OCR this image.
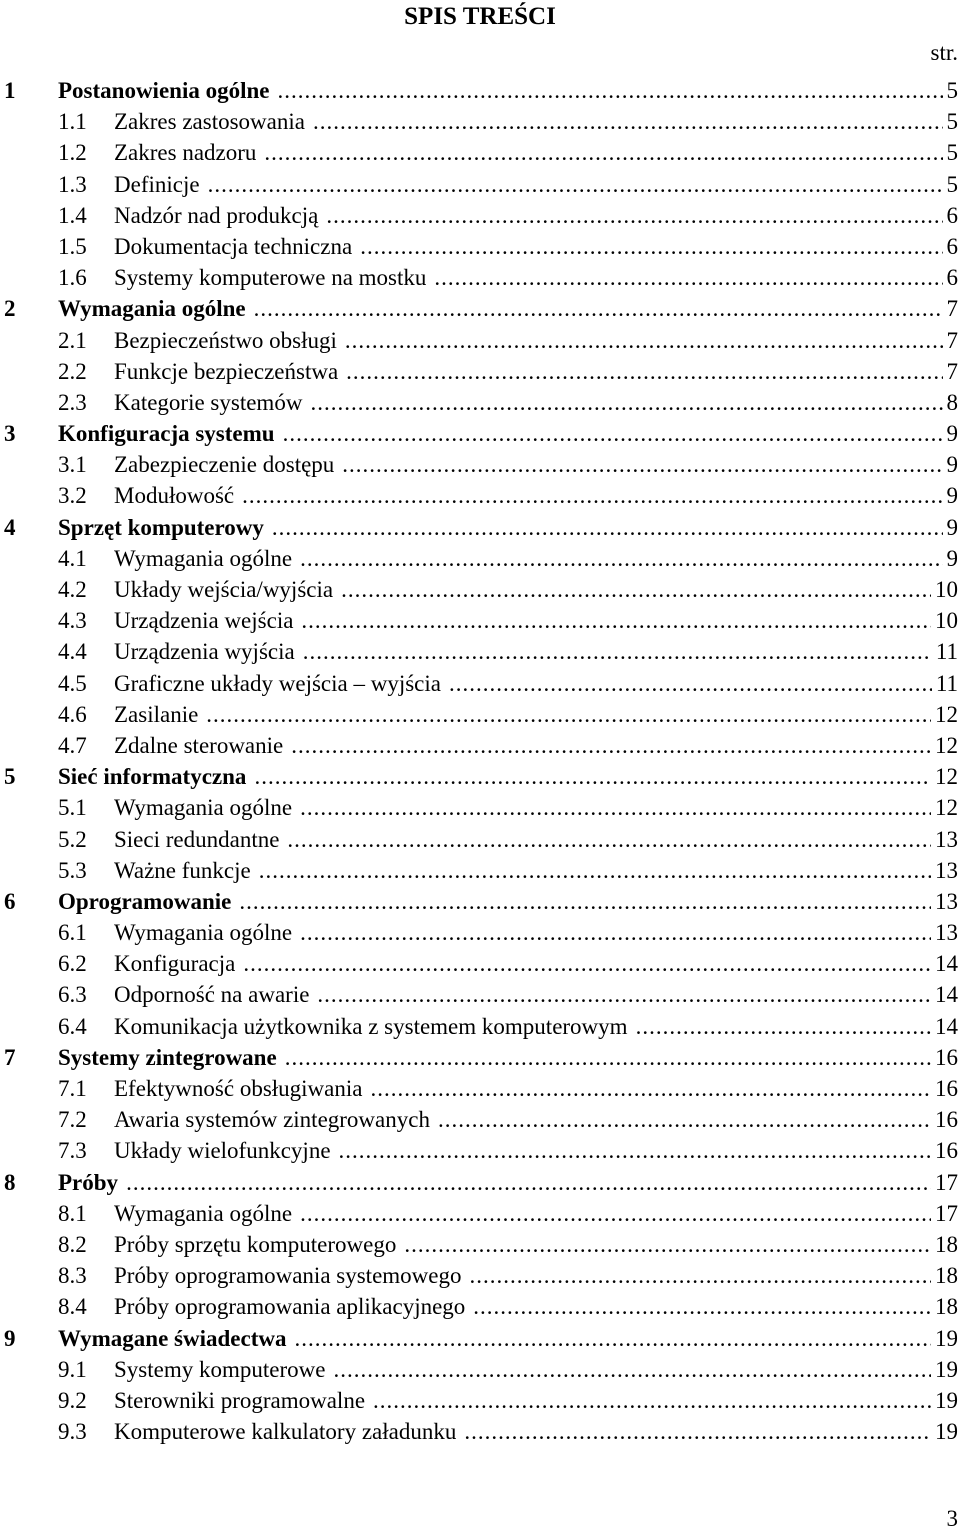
SPIS TREŚCI
str.
1	Postanowienia ogólne .....	5
1.1	Zakres zastosowania .....	5
1.2	Zakres nadzoru .....	5
1.3	Definicje .....	5
1.4	Nadzór nad produkcją .....	6
1.5	Dokumentacja techniczna .....	6
1.6	Systemy komputerowe na mostku .....	6
2	Wymagania ogólne .....	7
2.1	Bezpieczeństwo obsługi .....	7
2.2	Funkcje bezpieczeństwa .....	7
2.3	Kategorie systemów .....	8
3	Konfiguracja systemu .....	9
3.1	Zabezpieczenie dostępu .....	9
3.2	Modułowość .....	9
4	Sprzęt komputerowy .....	9
4.1	Wymagania ogólne .....	9
4.2	Układy wejścia/wyjścia .....	10
4.3	Urządzenia wejścia .....	10
4.4	Urządzenia wyjścia .....	11
4.5	Graficzne układy wejścia – wyjścia .....	11
4.6	Zasilanie .....	12
4.7	Zdalne sterowanie .....	12
5	Sieć informatyczna .....	12
5.1	Wymagania ogólne .....	12
5.2	Sieci redundantne .....	13
5.3	Ważne funkcje .....	13
6	Oprogramowanie .....	13
6.1	Wymagania ogólne .....	13
6.2	Konfiguracja .....	14
6.3	Odporność na awarie .....	14
6.4	Komunikacja użytkownika z systemem komputerowym .....	14
7	Systemy zintegrowane .....	16
7.1	Efektywność obsługiwania .....	16
7.2	Awaria systemów zintegrowanych .....	16
7.3	Układy wielofunkcyjne .....	16
8	Próby .....	17
8.1	Wymagania ogólne .....	17
8.2	Próby sprzętu komputerowego .....	18
8.3	Próby oprogramowania systemowego .....	18
8.4	Próby oprogramowania aplikacyjnego .....	18
9	Wymagane świadectwa .....	19
9.1	Systemy komputerowe .....	19
9.2	Sterowniki programowalne .....	19
9.3	Komputerowe kalkulatory załadunku .....	19
3
